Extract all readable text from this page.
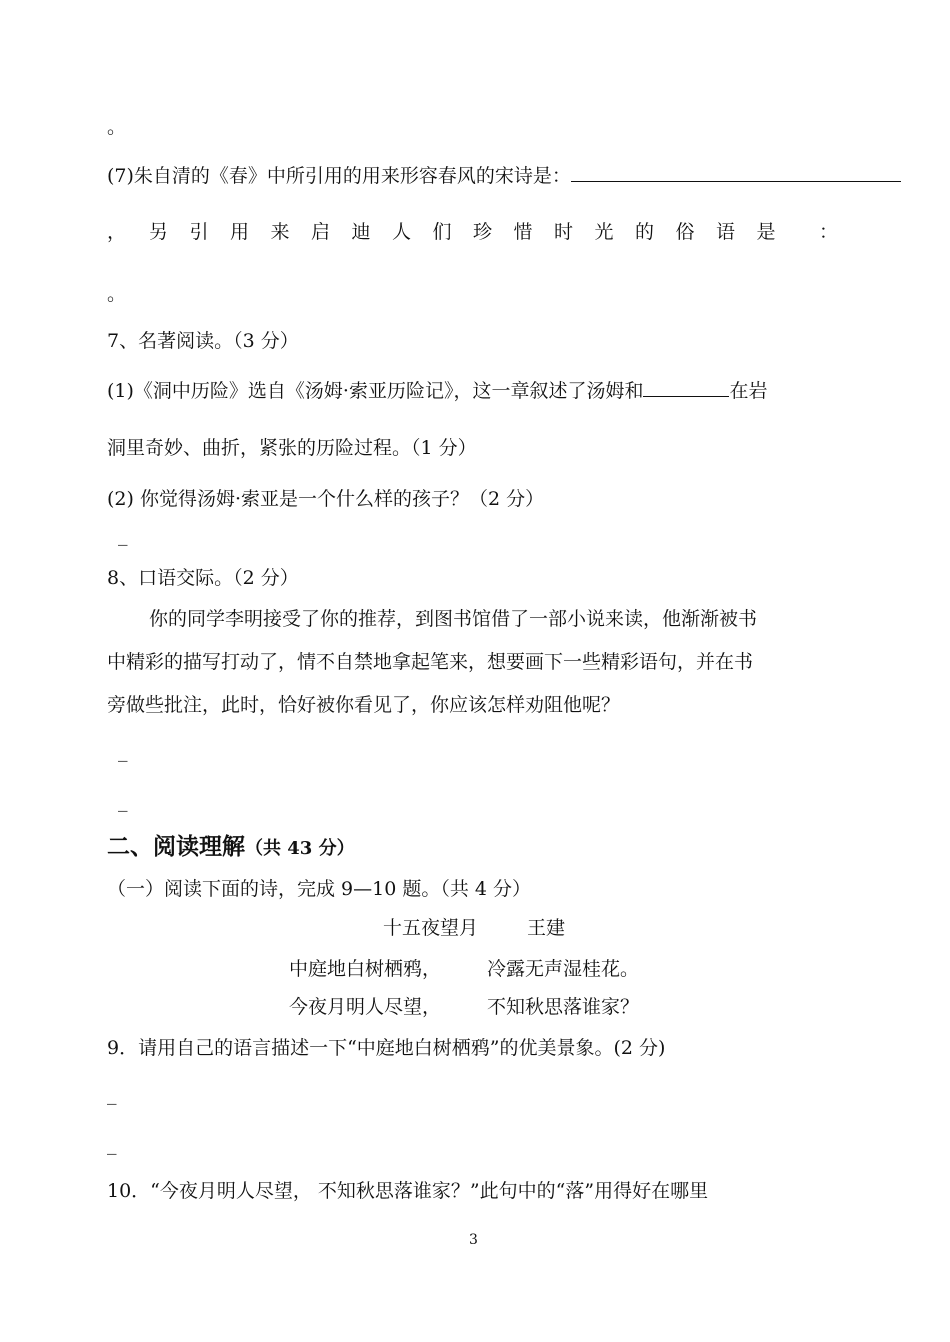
。
(7)朱自清的《春》中所引用的用来形容春风的宋诗是：
， 另引用来启迪人们珍惜时光的俗语是 ：
。
7、名著阅读。（3 分）
(1)《洞中历险》选自《汤姆·索亚历险记》，这一章叙述了汤姆和	在岩
洞里奇妙、曲折，紧张的历险过程。（1 分）
(2) 你觉得汤姆·索亚是一个什么样的孩子？（2 分）
_
8、口语交际。（2 分）
你的同学李明接受了你的推荐，到图书馆借了一部小说来读，他渐渐被书
中精彩的描写打动了，情不自禁地拿起笔来，想要画下一些精彩语句，并在书
旁做些批注，此时，恰好被你看见了，你应该怎样劝阻他呢？
_
_
二、阅读理解（共 43 分）
（一）阅读下面的诗，完成 9—10 题。（共 4 分）
十五夜望月	王建
中庭地白树栖鸦， 冷露无声湿桂花。
今夜月明人尽望， 不知秋思落谁家？
9．请用自己的语言描述一下“中庭地白树栖鸦”的优美景象。(2 分)
_
_
10．“今夜月明人尽望， 不知秋思落谁家？”此句中的“落”用得好在哪里
3
